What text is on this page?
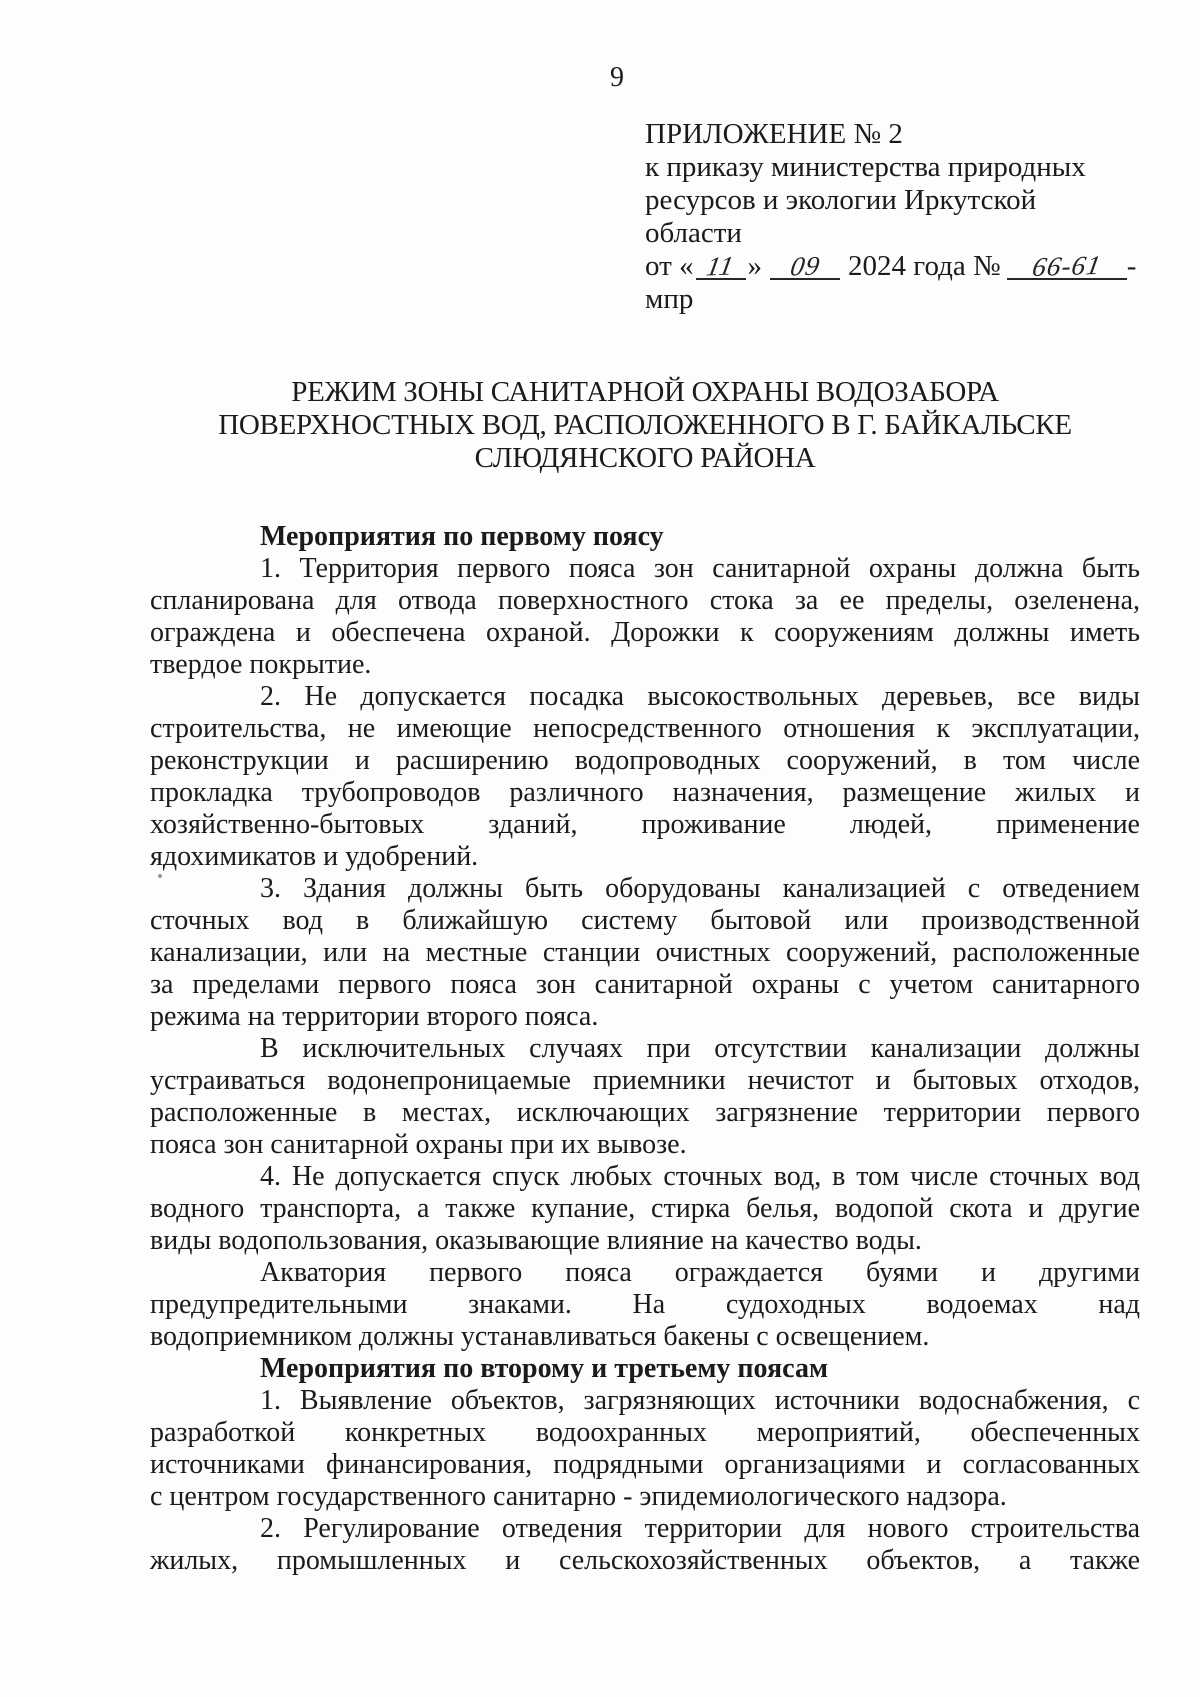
9
ПРИЛОЖЕНИЕ № 2
к приказу министерства природных
ресурсов и экологии Иркутской
области
от « 11 » 09 2024 года № 66-61 -
мпр
РЕЖИМ ЗОНЫ САНИТАРНОЙ ОХРАНЫ ВОДОЗАБОРА
ПОВЕРХНОСТНЫХ ВОД, РАСПОЛОЖЕННОГО В Г. БАЙКАЛЬСКЕ
СЛЮДЯНСКОГО РАЙОНА
Мероприятия по первому поясу
1. Территория первого пояса зон санитарной охраны должна быть
спланирована для отвода поверхностного стока за ее пределы, озеленена,
ограждена и обеспечена охраной. Дорожки к сооружениям должны иметь
твердое покрытие.
2. Не допускается посадка высокоствольных деревьев, все виды
строительства, не имеющие непосредственного отношения к эксплуатации,
реконструкции и расширению водопроводных сооружений, в том числе
прокладка трубопроводов различного назначения, размещение жилых и
хозяйственно-бытовых зданий, проживание людей, применение
ядохимикатов и удобрений.
3. Здания должны быть оборудованы канализацией с отведением
сточных вод в ближайшую систему бытовой или производственной
канализации, или на местные станции очистных сооружений, расположенные
за пределами первого пояса зон санитарной охраны с учетом санитарного
режима на территории второго пояса.
В исключительных случаях при отсутствии канализации должны
устраиваться водонепроницаемые приемники нечистот и бытовых отходов,
расположенные в местах, исключающих загрязнение территории первого
пояса зон санитарной охраны при их вывозе.
4. Не допускается спуск любых сточных вод, в том числе сточных вод
водного транспорта, а также купание, стирка белья, водопой скота и другие
виды водопользования, оказывающие влияние на качество воды.
Акватория первого пояса ограждается буями и другими
предупредительными знаками. На судоходных водоемах над
водоприемником должны устанавливаться бакены с освещением.
Мероприятия по второму и третьему поясам
1. Выявление объектов, загрязняющих источники водоснабжения, с
разработкой конкретных водоохранных мероприятий, обеспеченных
источниками финансирования, подрядными организациями и согласованных
с центром государственного санитарно - эпидемиологического надзора.
2. Регулирование отведения территории для нового строительства
жилых, промышленных и сельскохозяйственных объектов, а также
